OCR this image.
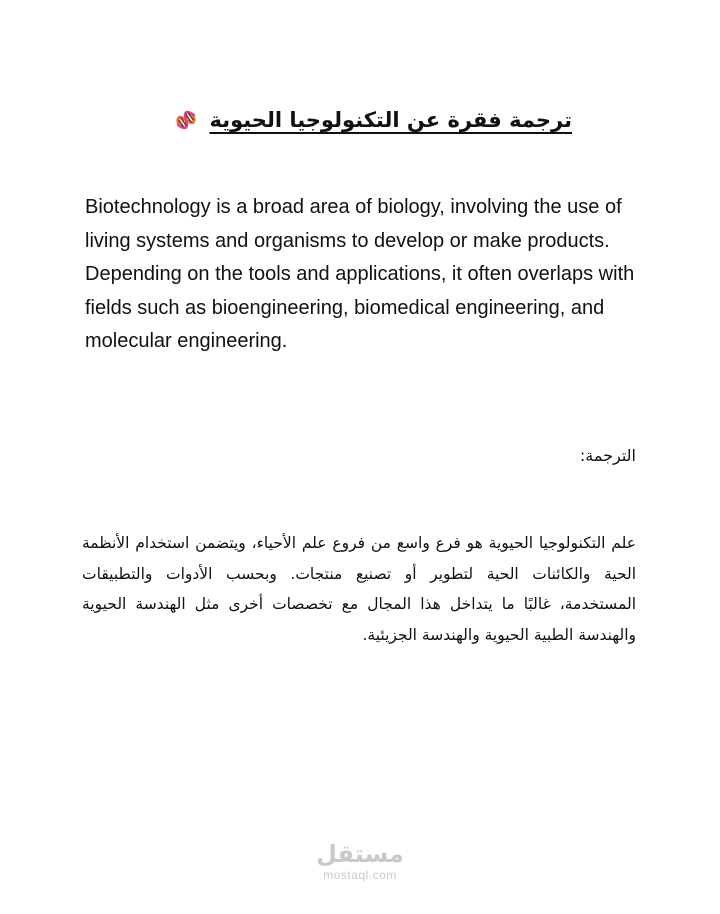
ترجمة فقرة عن التكنولوجيا الحيوية

Biotechnology is a broad area of biology, involving the use of living systems and organisms to develop or make products. Depending on the tools and applications, it often overlaps with fields such as bioengineering, biomedical engineering, and molecular engineering.

الترجمة:

علم التكنولوجيا الحيوية هو فرع واسع من فروع علم الأحياء، ويتضمن استخدام الأنظمة الحية والكائنات الحية لتطوير أو تصنيع منتجات. وبحسب الأدوات والتطبيقات المستخدمة، غالبًا ما يتداخل هذا المجال مع تخصصات أخرى مثل الهندسة الحيوية والهندسة الطبية الحيوية والهندسة الجزيئية.

مستقل
mostaql.com
